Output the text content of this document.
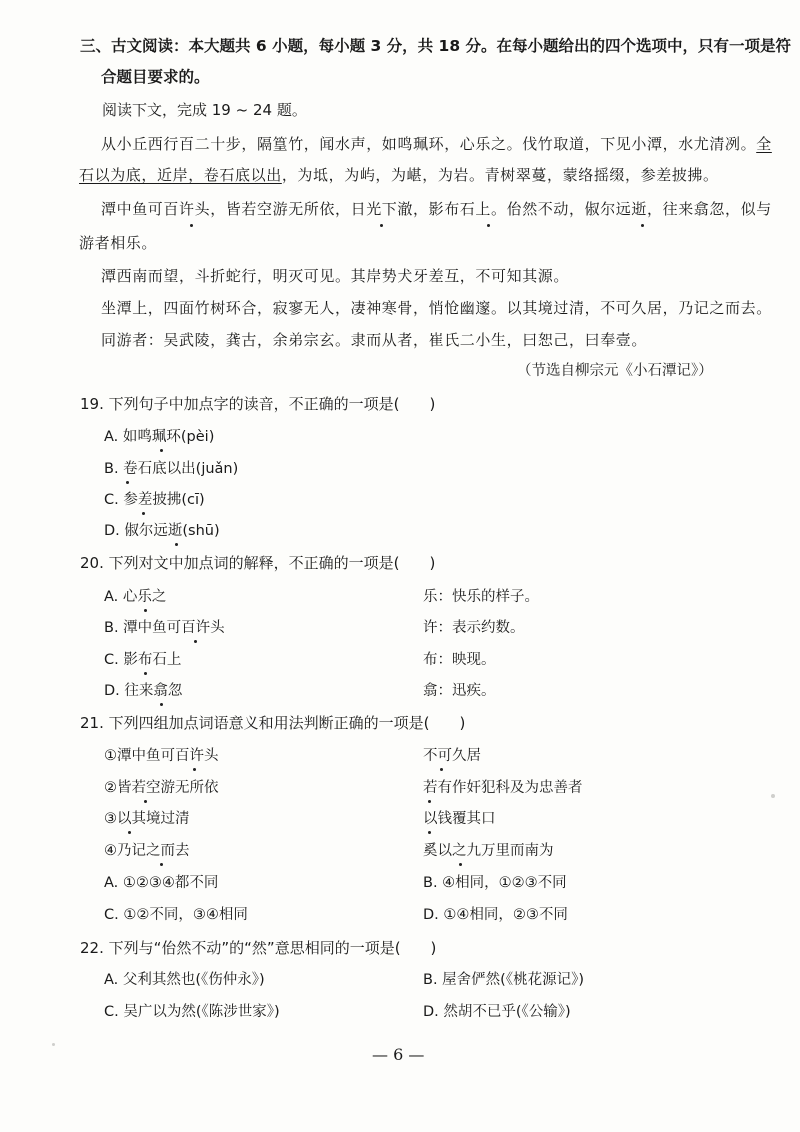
三、古文阅读：本大题共 6 小题，每小题 3 分，共 18 分。在每小题给出的四个选项中，只有一项是符
合题目要求的。
阅读下文，完成 19 ~ 24 题。
从小丘西行百二十步，隔篁竹，闻水声，如鸣珮环，心乐之。伐竹取道，下见小潭，水尤清冽。全
石以为底，近岸，卷石底以出，为坻，为屿，为嵁，为岩。青树翠蔓，蒙络摇缀，参差披拂。
潭中鱼可百许头，皆若空游无所依，日光下澈，影布石上。佁然不动，俶尔远逝，往来翕忽，似与
游者相乐。
潭西南而望，斗折蛇行，明灭可见。其岸势犬牙差互，不可知其源。
坐潭上，四面竹树环合，寂寥无人，凄神寒骨，悄怆幽邃。以其境过清，不可久居，乃记之而去。
同游者：吴武陵，龚古，余弟宗玄。隶而从者，崔氏二小生，曰恕己，曰奉壹。
（节选自柳宗元《小石潭记》）
19. 下列句子中加点字的读音，不正确的一项是(　　)
A. 如鸣珮环(pèi)
B. 卷石底以出(juǎn)
C. 参差披拂(cī)
D. 俶尔远逝(shū)
20. 下列对文中加点词的解释，不正确的一项是(　　)
A. 心乐之	乐：快乐的样子。
B. 潭中鱼可百许头	许：表示约数。
C. 影布石上	布：映现。
D. 往来翕忽	翕：迅疾。
21. 下列四组加点词语意义和用法判断正确的一项是(　　)
①潭中鱼可百许头	不可久居
②皆若空游无所依	若有作奸犯科及为忠善者
③以其境过清	以钱覆其口
④乃记之而去	奚以之九万里而南为
A. ①②③④都不同	B. ④相同，①②③不同
C. ①②不同，③④相同	D. ①④相同，②③不同
22. 下列与“佁然不动”的“然”意思相同的一项是(　　)
A. 父利其然也(《伤仲永》)	B. 屋舍俨然(《桃花源记》)
C. 吴广以为然(《陈涉世家》)	D. 然胡不已乎(《公输》)
— 6 —
